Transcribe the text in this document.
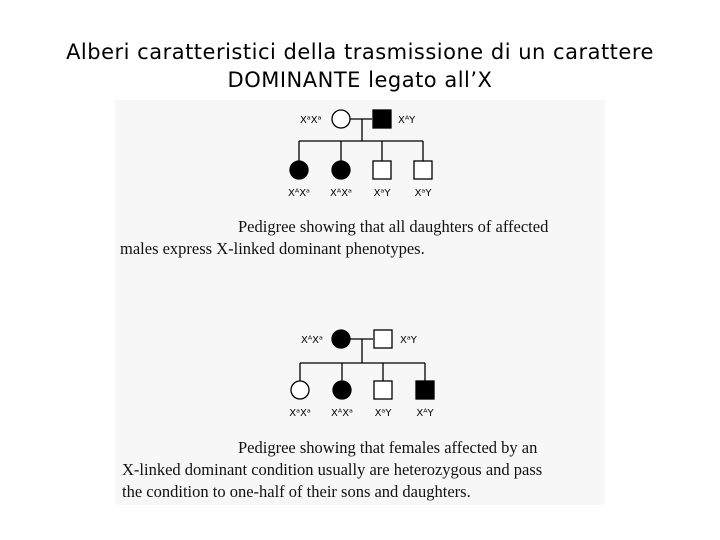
Alberi caratteristici della trasmissione di un carattere
DOMINANTE legato all’X
XᵃXᵃ	XᴬY
XᴬXᵃ XᴬXᵃ XᵃY XᵃY
XᴬXᵃ	XᵃY
XᵃXᵃ XᴬXᵃ XᵃY XᴬY
Pedigree showing that all daughters of affected
males express X-linked dominant phenotypes.
Pedigree showing that females affected by an
X-linked dominant condition usually are heterozygous and pass
the condition to one-half of their sons and daughters.
